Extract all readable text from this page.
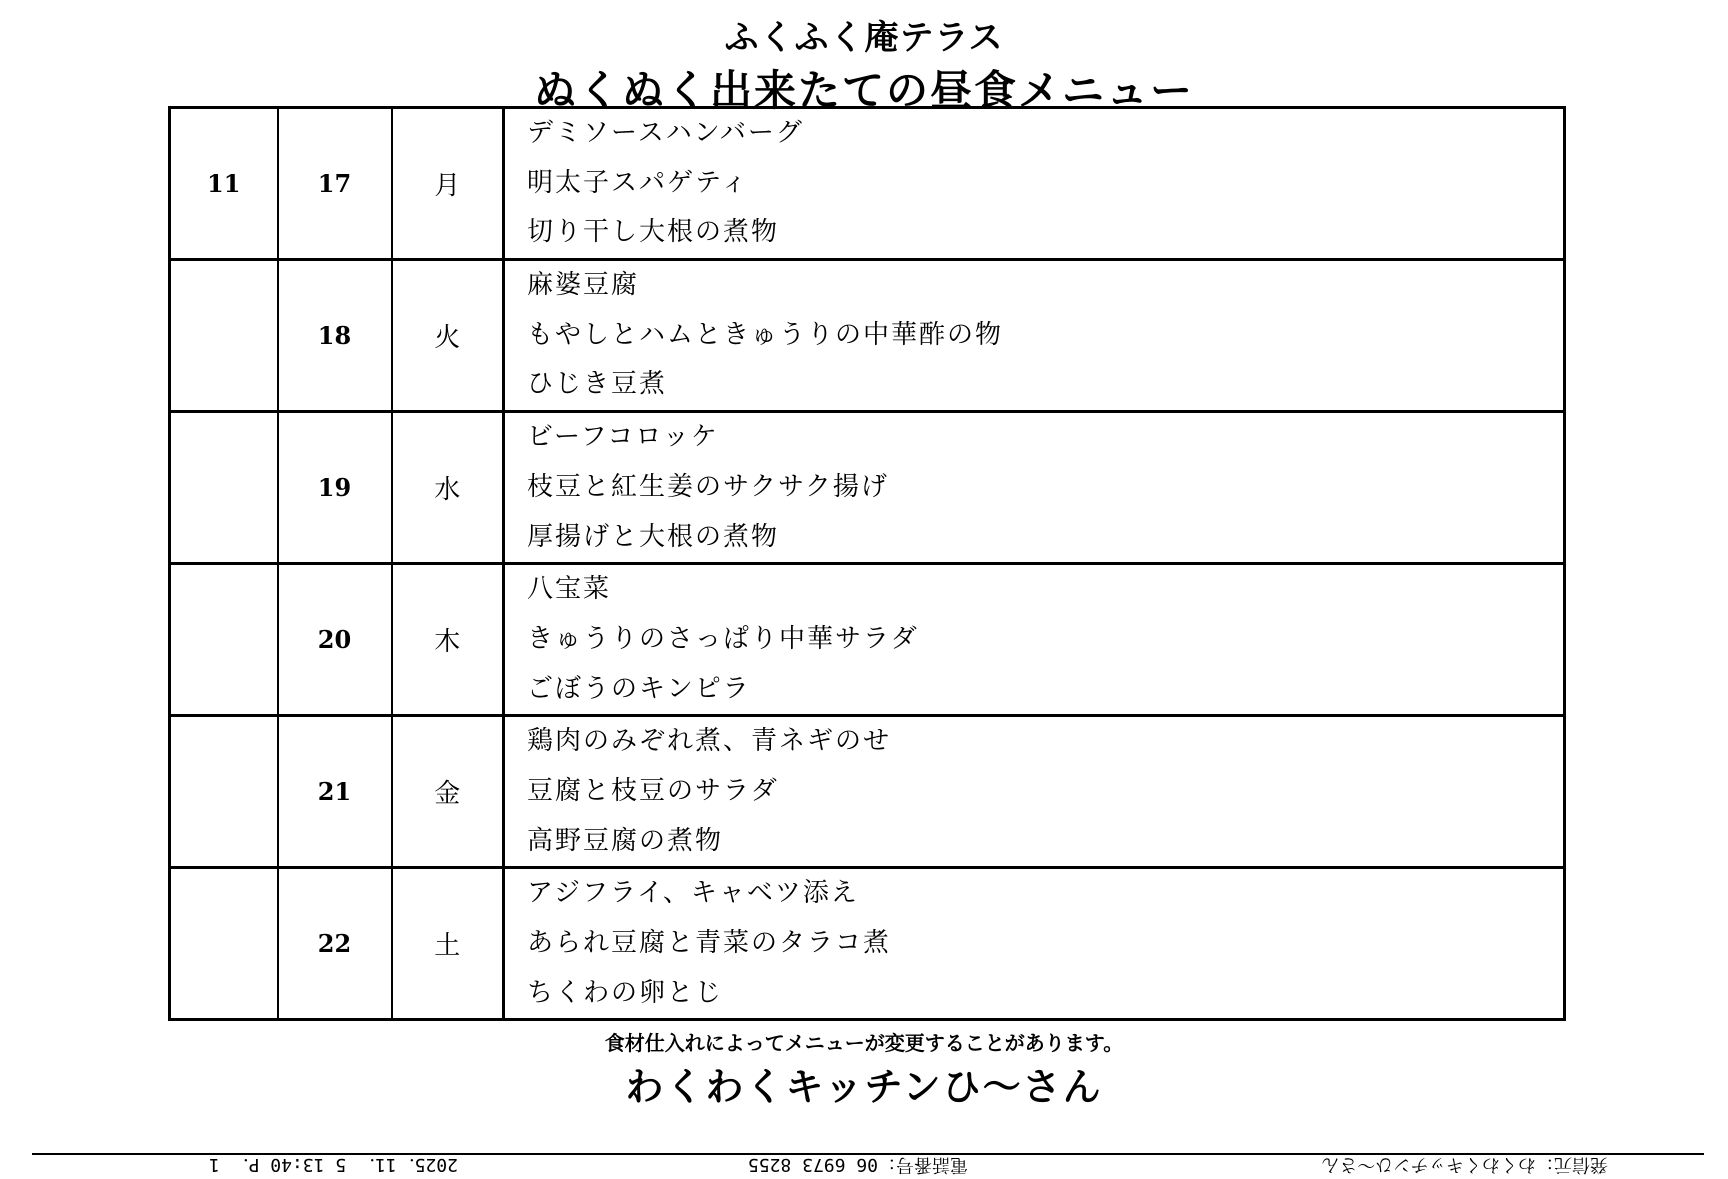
ふくふく庵テラス
ぬくぬく出来たての昼食メニュー
11	17	月	デミソースハンバーグ
明太子スパゲティ
切り干し大根の煮物

	18	火	麻婆豆腐
もやしとハムときゅうりの中華酢の物
ひじき豆煮

	19	水	ビーフコロッケ
枝豆と紅生姜のサクサク揚げ
厚揚げと大根の煮物

	20	木	八宝菜
きゅうりのさっぱり中華サラダ
ごぼうのキンピラ

	21	金	鶏肉のみぞれ煮、青ネギのせ
豆腐と枝豆のサラダ
高野豆腐の煮物

	22	土	アジフライ、キャベツ添え
あられ豆腐と青菜のタラコ煮
ちくわの卵とじ
食材仕入れによってメニューが変更することがあります。
わくわくキッチンひ～さん
発信元：わくわくキッチンひ～さん
電話番号：06 6973 8255
2025．11． 5 13:40 P． 1
